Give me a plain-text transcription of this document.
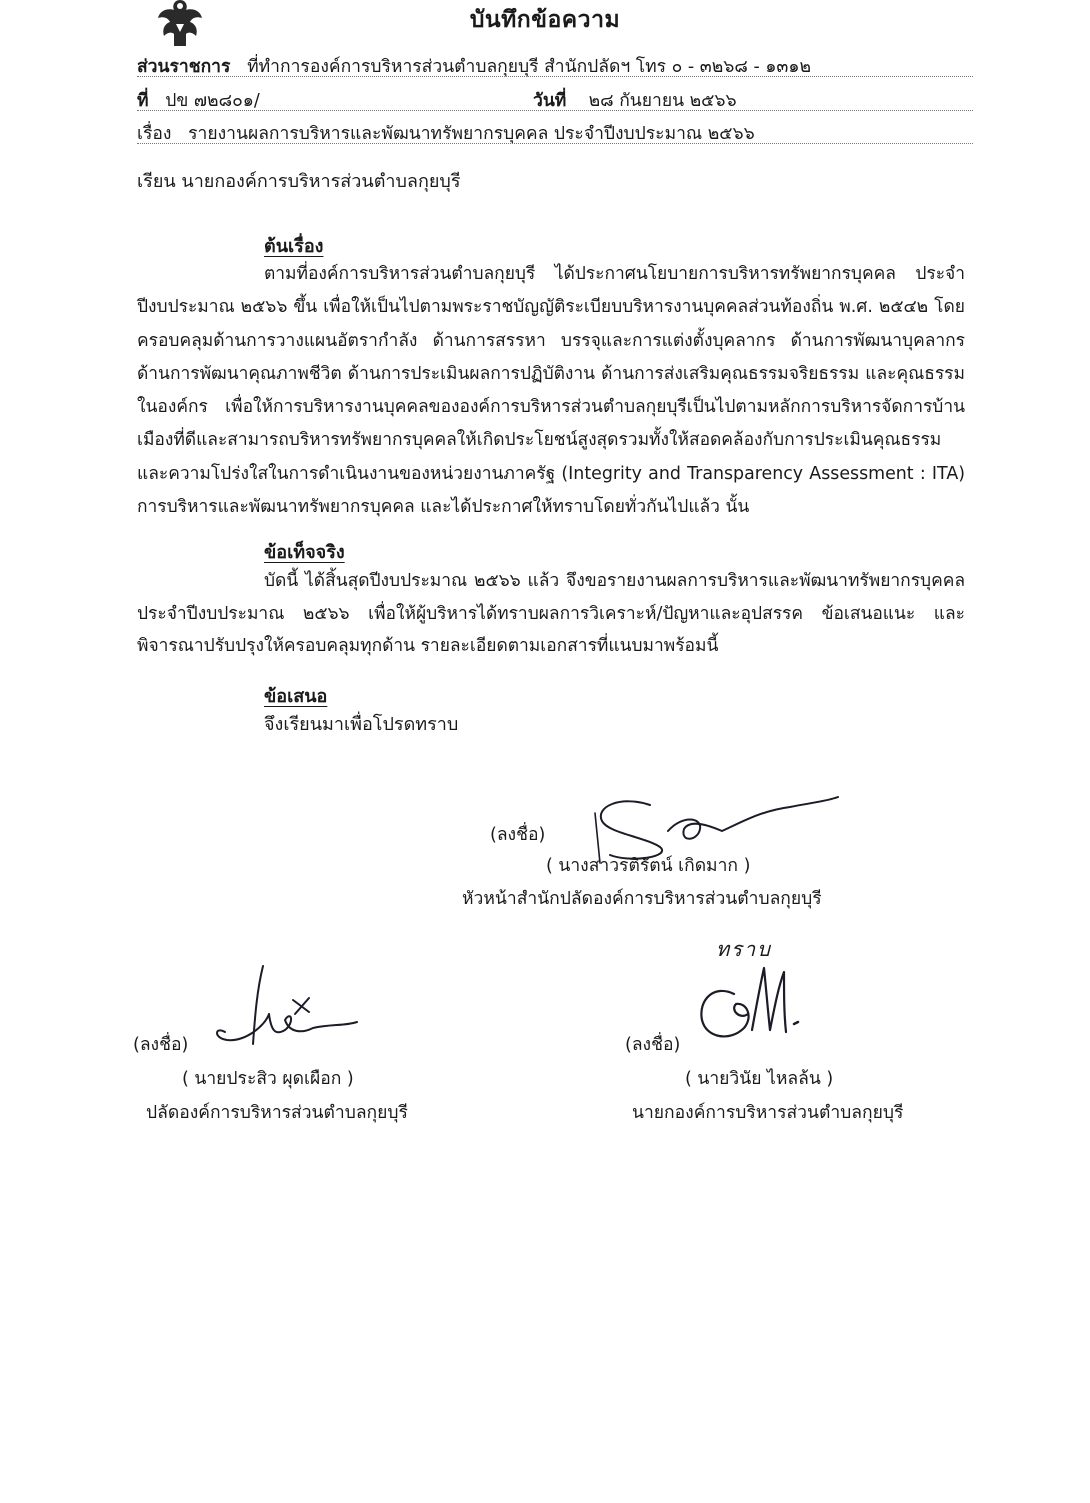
บันทึกข้อความ
ส่วนราชการ ที่ทำการองค์การบริหารส่วนตำบลกุยบุรี สำนักปลัดฯ โทร ๐ - ๓๒๖๘ - ๑๓๑๒
ที่ ปข ๗๒๘๐๑/	วันที่ ๒๘ กันยายน ๒๕๖๖
เรื่อง รายงานผลการบริหารและพัฒนาทรัพยากรบุคคล ประจำปีงบประมาณ ๒๕๖๖
เรียน นายกองค์การบริหารส่วนตำบลกุยบุรี
ต้นเรื่อง
ตามที่องค์การบริหารส่วนตำบลกุยบุรี ได้ประกาศนโยบายการบริหารทรัพยากรบุคคล ประจำปีงบประมาณ ๒๕๖๖ ขึ้น เพื่อให้เป็นไปตามพระราชบัญญัติระเบียบบริหารงานบุคคลส่วนท้องถิ่น พ.ศ. ๒๕๔๒ โดยครอบคลุมด้านการวางแผนอัตรากำลัง ด้านการสรรหา บรรจุและการแต่งตั้งบุคลากร ด้านการพัฒนาบุคลากร ด้านการพัฒนาคุณภาพชีวิต ด้านการประเมินผลการปฏิบัติงาน ด้านการส่งเสริมคุณธรรมจริยธรรม และคุณธรรมในองค์กร เพื่อให้การบริหารงานบุคคลขององค์การบริหารส่วนตำบลกุยบุรีเป็นไปตามหลักการบริหารจัดการบ้านเมืองที่ดีและสามารถบริหารทรัพยากรบุคคลให้เกิดประโยชน์สูงสุดรวมทั้งให้สอดคล้องกับการประเมินคุณธรรมและความโปร่งใสในการดำเนินงานของหน่วยงานภาครัฐ (Integrity and Transparency Assessment : ITA) การบริหารและพัฒนาทรัพยากรบุคคล และได้ประกาศให้ทราบโดยทั่วกันไปแล้ว นั้น
ข้อเท็จจริง
บัดนี้ ได้สิ้นสุดปีงบประมาณ ๒๕๖๖ แล้ว จึงขอรายงานผลการบริหารและพัฒนาทรัพยากรบุคคล ประจำปีงบประมาณ ๒๕๖๖ เพื่อให้ผู้บริหารได้ทราบผลการวิเคราะห์/ปัญหาและอุปสรรค ข้อเสนอแนะ และพิจารณาปรับปรุงให้ครอบคลุมทุกด้าน รายละเอียดตามเอกสารที่แนบมาพร้อมนี้
ข้อเสนอ
จึงเรียนมาเพื่อโปรดทราบ
(ลงชื่อ)
( นางสาวรติรัตน์ เกิดมาก )
หัวหน้าสำนักปลัดองค์การบริหารส่วนตำบลกุยบุรี
ทราบ
(ลงชื่อ)
( นายประสิว ผุดเผือก )
ปลัดองค์การบริหารส่วนตำบลกุยบุรี
(ลงชื่อ)
( นายวินัย ไหลล้น )
นายกองค์การบริหารส่วนตำบลกุยบุรี
